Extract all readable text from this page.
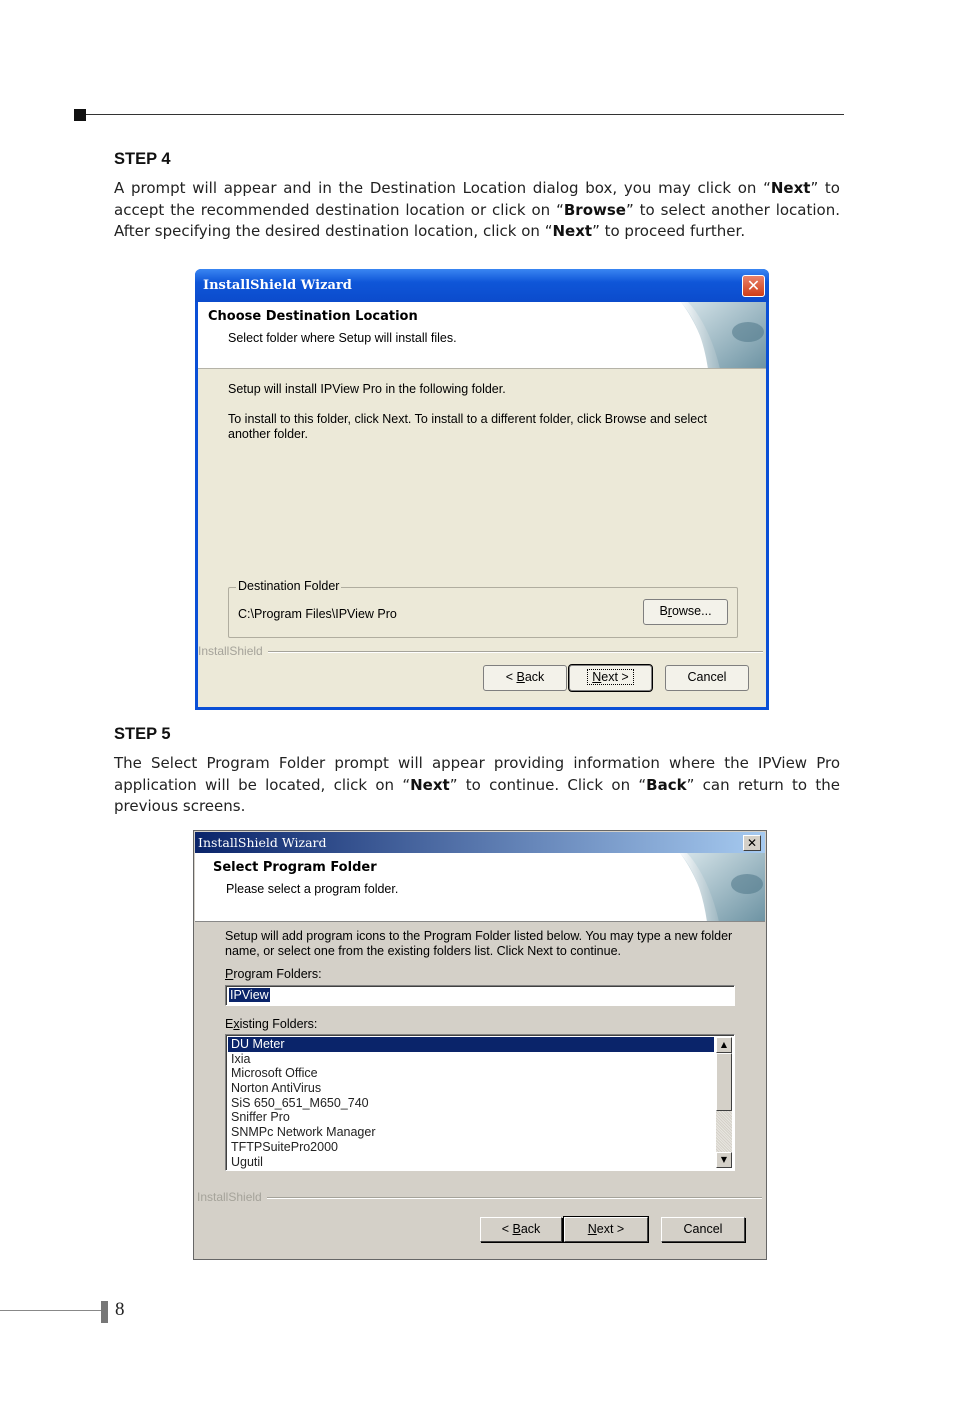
STEP 4
A prompt will appear and in the Destination Location dialog box, you may click on “Next” to accept the recommended destination location or click on “Browse” to select another location. After specifying the desired destination location, click on “Next” to proceed further.
InstallShield Wizard	✕
Choose Destination Location
Select folder where Setup will install files.
Setup will install IPView Pro in the following folder.
To install to this folder, click Next. To install to a different folder, click Browse and select
another folder.
Destination Folder
C:\Program Files\IPView Pro	Browse...
InstallShield
< Back	Next >	Cancel
STEP 5
The Select Program Folder prompt will appear providing information where the IPView Pro application will be located, click on “Next” to continue. Click on “Back” can return to the previous screens.
InstallShield Wizard	✕
Select Program Folder
Please select a program folder.
Setup will add program icons to the Program Folder listed below. You may type a new folder
name, or select one from the existing folders list. Click Next to continue.
Program Folders:
IPView
Existing Folders:
DU Meter
Ixia
Microsoft Office
Norton AntiVirus
SiS 650_651_M650_740
Sniffer Pro
SNMPc Network Manager
TFTPSuitePro2000
Ugutil
▲
▼
InstallShield
< Back	Next >	Cancel
8
